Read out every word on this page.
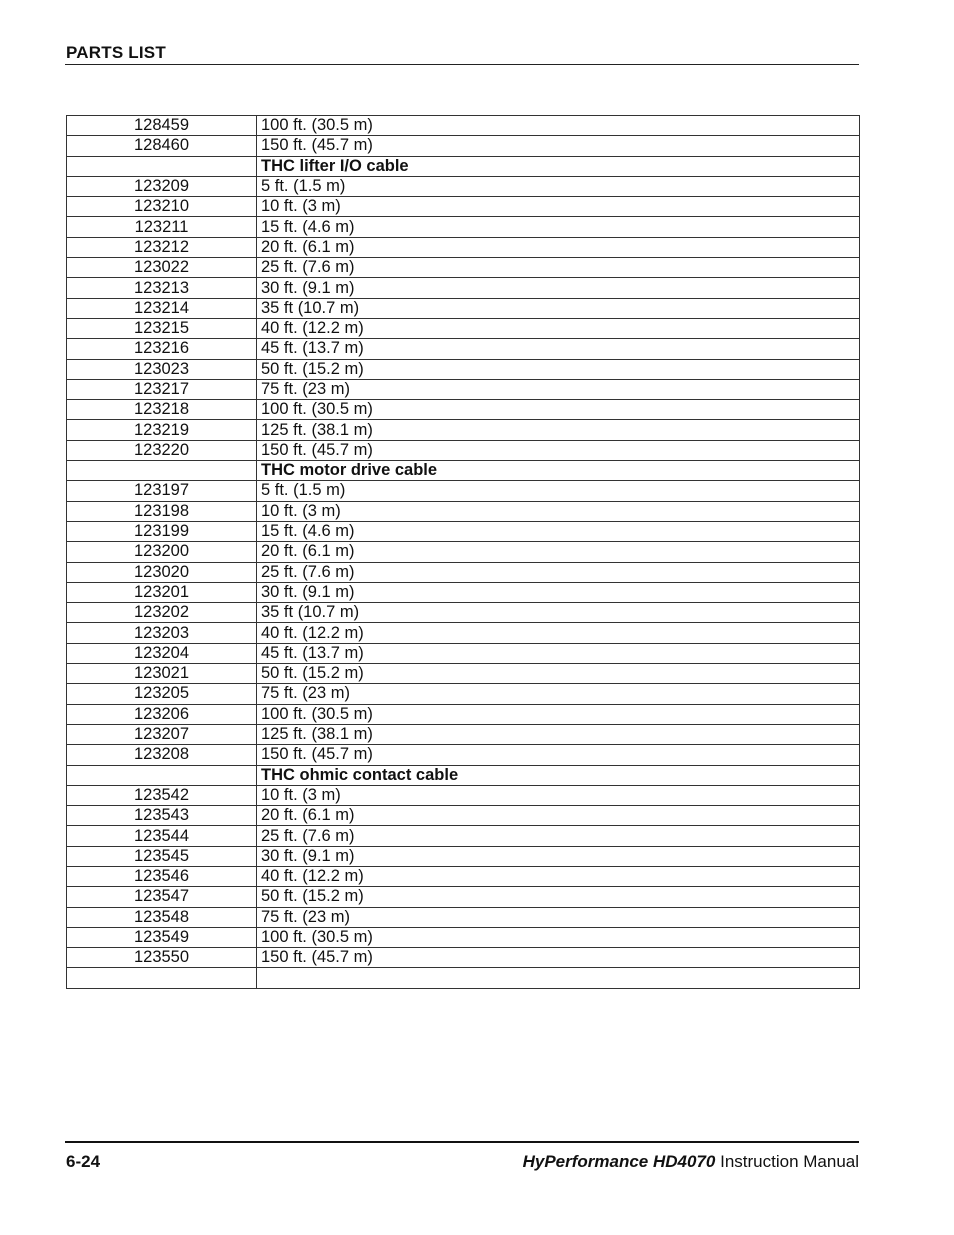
PARTS LIST
128459	100 ft. (30.5 m)
128460	150 ft. (45.7 m)
	THC lifter I/O cable
123209	5 ft. (1.5 m)
123210	10 ft. (3 m)
123211	15 ft. (4.6 m)
123212	20 ft. (6.1 m)
123022	25 ft. (7.6 m)
123213	30 ft. (9.1 m)
123214	35 ft (10.7 m)
123215	40 ft. (12.2 m)
123216	45 ft. (13.7 m)
123023	50 ft. (15.2 m)
123217	75 ft. (23 m)
123218	100 ft. (30.5 m)
123219	125 ft. (38.1 m)
123220	150 ft. (45.7 m)
	THC motor drive cable
123197	5 ft. (1.5 m)
123198	10 ft. (3 m)
123199	15 ft. (4.6 m)
123200	20 ft. (6.1 m)
123020	25 ft. (7.6 m)
123201	30 ft. (9.1 m)
123202	35 ft (10.7 m)
123203	40 ft. (12.2 m)
123204	45 ft. (13.7 m)
123021	50 ft. (15.2 m)
123205	75 ft. (23 m)
123206	100 ft. (30.5 m)
123207	125 ft. (38.1 m)
123208	150 ft. (45.7 m)
	THC ohmic contact cable
123542	10 ft. (3 m)
123543	20 ft. (6.1 m)
123544	25 ft. (7.6 m)
123545	30 ft. (9.1 m)
123546	40 ft. (12.2 m)
123547	50 ft. (15.2 m)
123548	75 ft. (23 m)
123549	100 ft. (30.5 m)
123550	150 ft. (45.7 m)

6-24	HyPerformance HD4070 Instruction Manual
